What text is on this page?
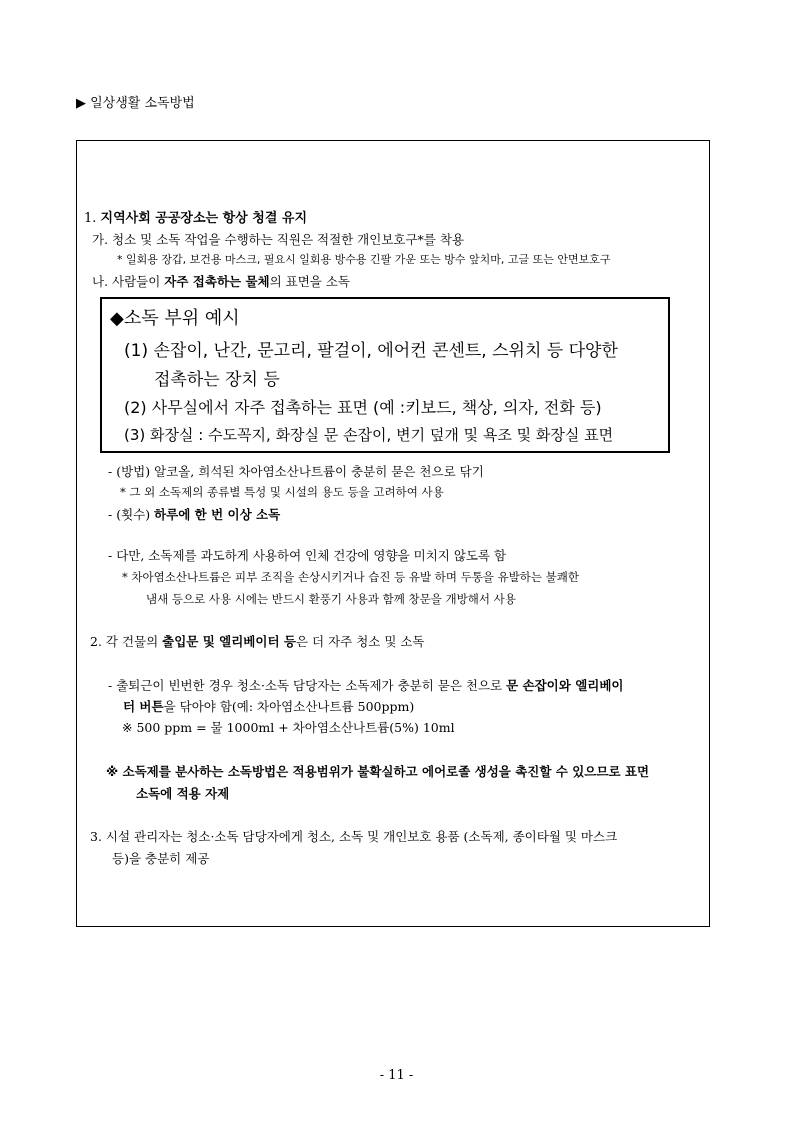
▶ 일상생활 소독방법
1. 지역사회 공공장소는 항상 청결 유지
가. 청소 및 소독 작업을 수행하는 직원은 적절한 개인보호구*를 착용
* 일회용 장갑, 보건용 마스크, 필요시 일회용 방수용 긴팔 가운 또는 방수 앞치마, 고글 또는 안면보호구
나. 사람들이 자주 접촉하는 물체의 표면을 소독
◆소독 부위 예시
(1) 손잡이, 난간, 문고리, 팔걸이, 에어컨 콘센트, 스위치 등 다양한
접촉하는 장치 등
(2) 사무실에서 자주 접촉하는 표면 (예 :키보드, 책상, 의자, 전화 등)
(3) 화장실 : 수도꼭지, 화장실 문 손잡이, 변기 덮개 및 욕조 및 화장실 표면
- (방법) 알코올, 희석된 차아염소산나트륨이 충분히 묻은 천으로 닦기
* 그 외 소독제의 종류별 특성 및 시설의 용도 등을 고려하여 사용
- (횟수) 하루에 한 번 이상 소독
- 다만, 소독제를 과도하게 사용하여 인체 건강에 영향을 미치지 않도록 함
* 차아염소산나트륨은 피부 조직을 손상시키거나 습진 등 유발 하며 두통을 유발하는 불쾌한
냄새 등으로 사용 시에는 반드시 환풍기 사용과 함께 창문을 개방해서 사용
2. 각 건물의 출입문 및 엘리베이터 등은 더 자주 청소 및 소독
- 출퇴근이 빈번한 경우 청소·소독 담당자는 소독제가 충분히 묻은 천으로 문 손잡이와 엘리베이
터 버튼을 닦아야 함(예: 차아염소산나트륨 500ppm)
※ 500 ppm = 물 1000ml + 차아염소산나트륨(5%) 10ml
※ 소독제를 분사하는 소독방법은 적용범위가 불확실하고 에어로졸 생성을 촉진할 수 있으므로 표면
소독에 적용 자제
3. 시설 관리자는 청소·소독 담당자에게 청소, 소독 및 개인보호 용품 (소독제, 종이타월 및 마스크
등)을 충분히 제공
- 11 -
